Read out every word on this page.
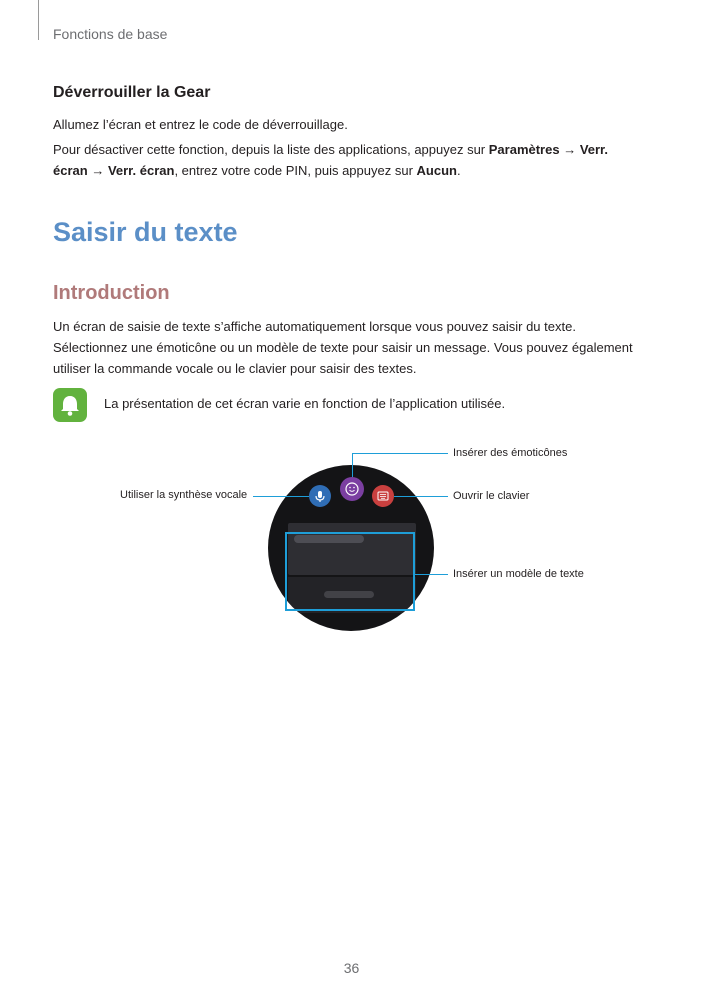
Fonctions de base
Déverrouiller la Gear
Allumez l’écran et entrez le code de déverrouillage.
Pour désactiver cette fonction, depuis la liste des applications, appuyez sur Paramètres → Verr.
écran → Verr. écran, entrez votre code PIN, puis appuyez sur Aucun.
Saisir du texte
Introduction
Un écran de saisie de texte s’affiche automatiquement lorsque vous pouvez saisir du texte.
Sélectionnez une émoticône ou un modèle de texte pour saisir un message. Vous pouvez également
utiliser la commande vocale ou le clavier pour saisir des textes.
La présentation de cet écran varie en fonction de l’application utilisée.
Insérer des émoticônes
Utiliser la synthèse vocale	Ouvrir le clavier
Insérer un modèle de texte
36
